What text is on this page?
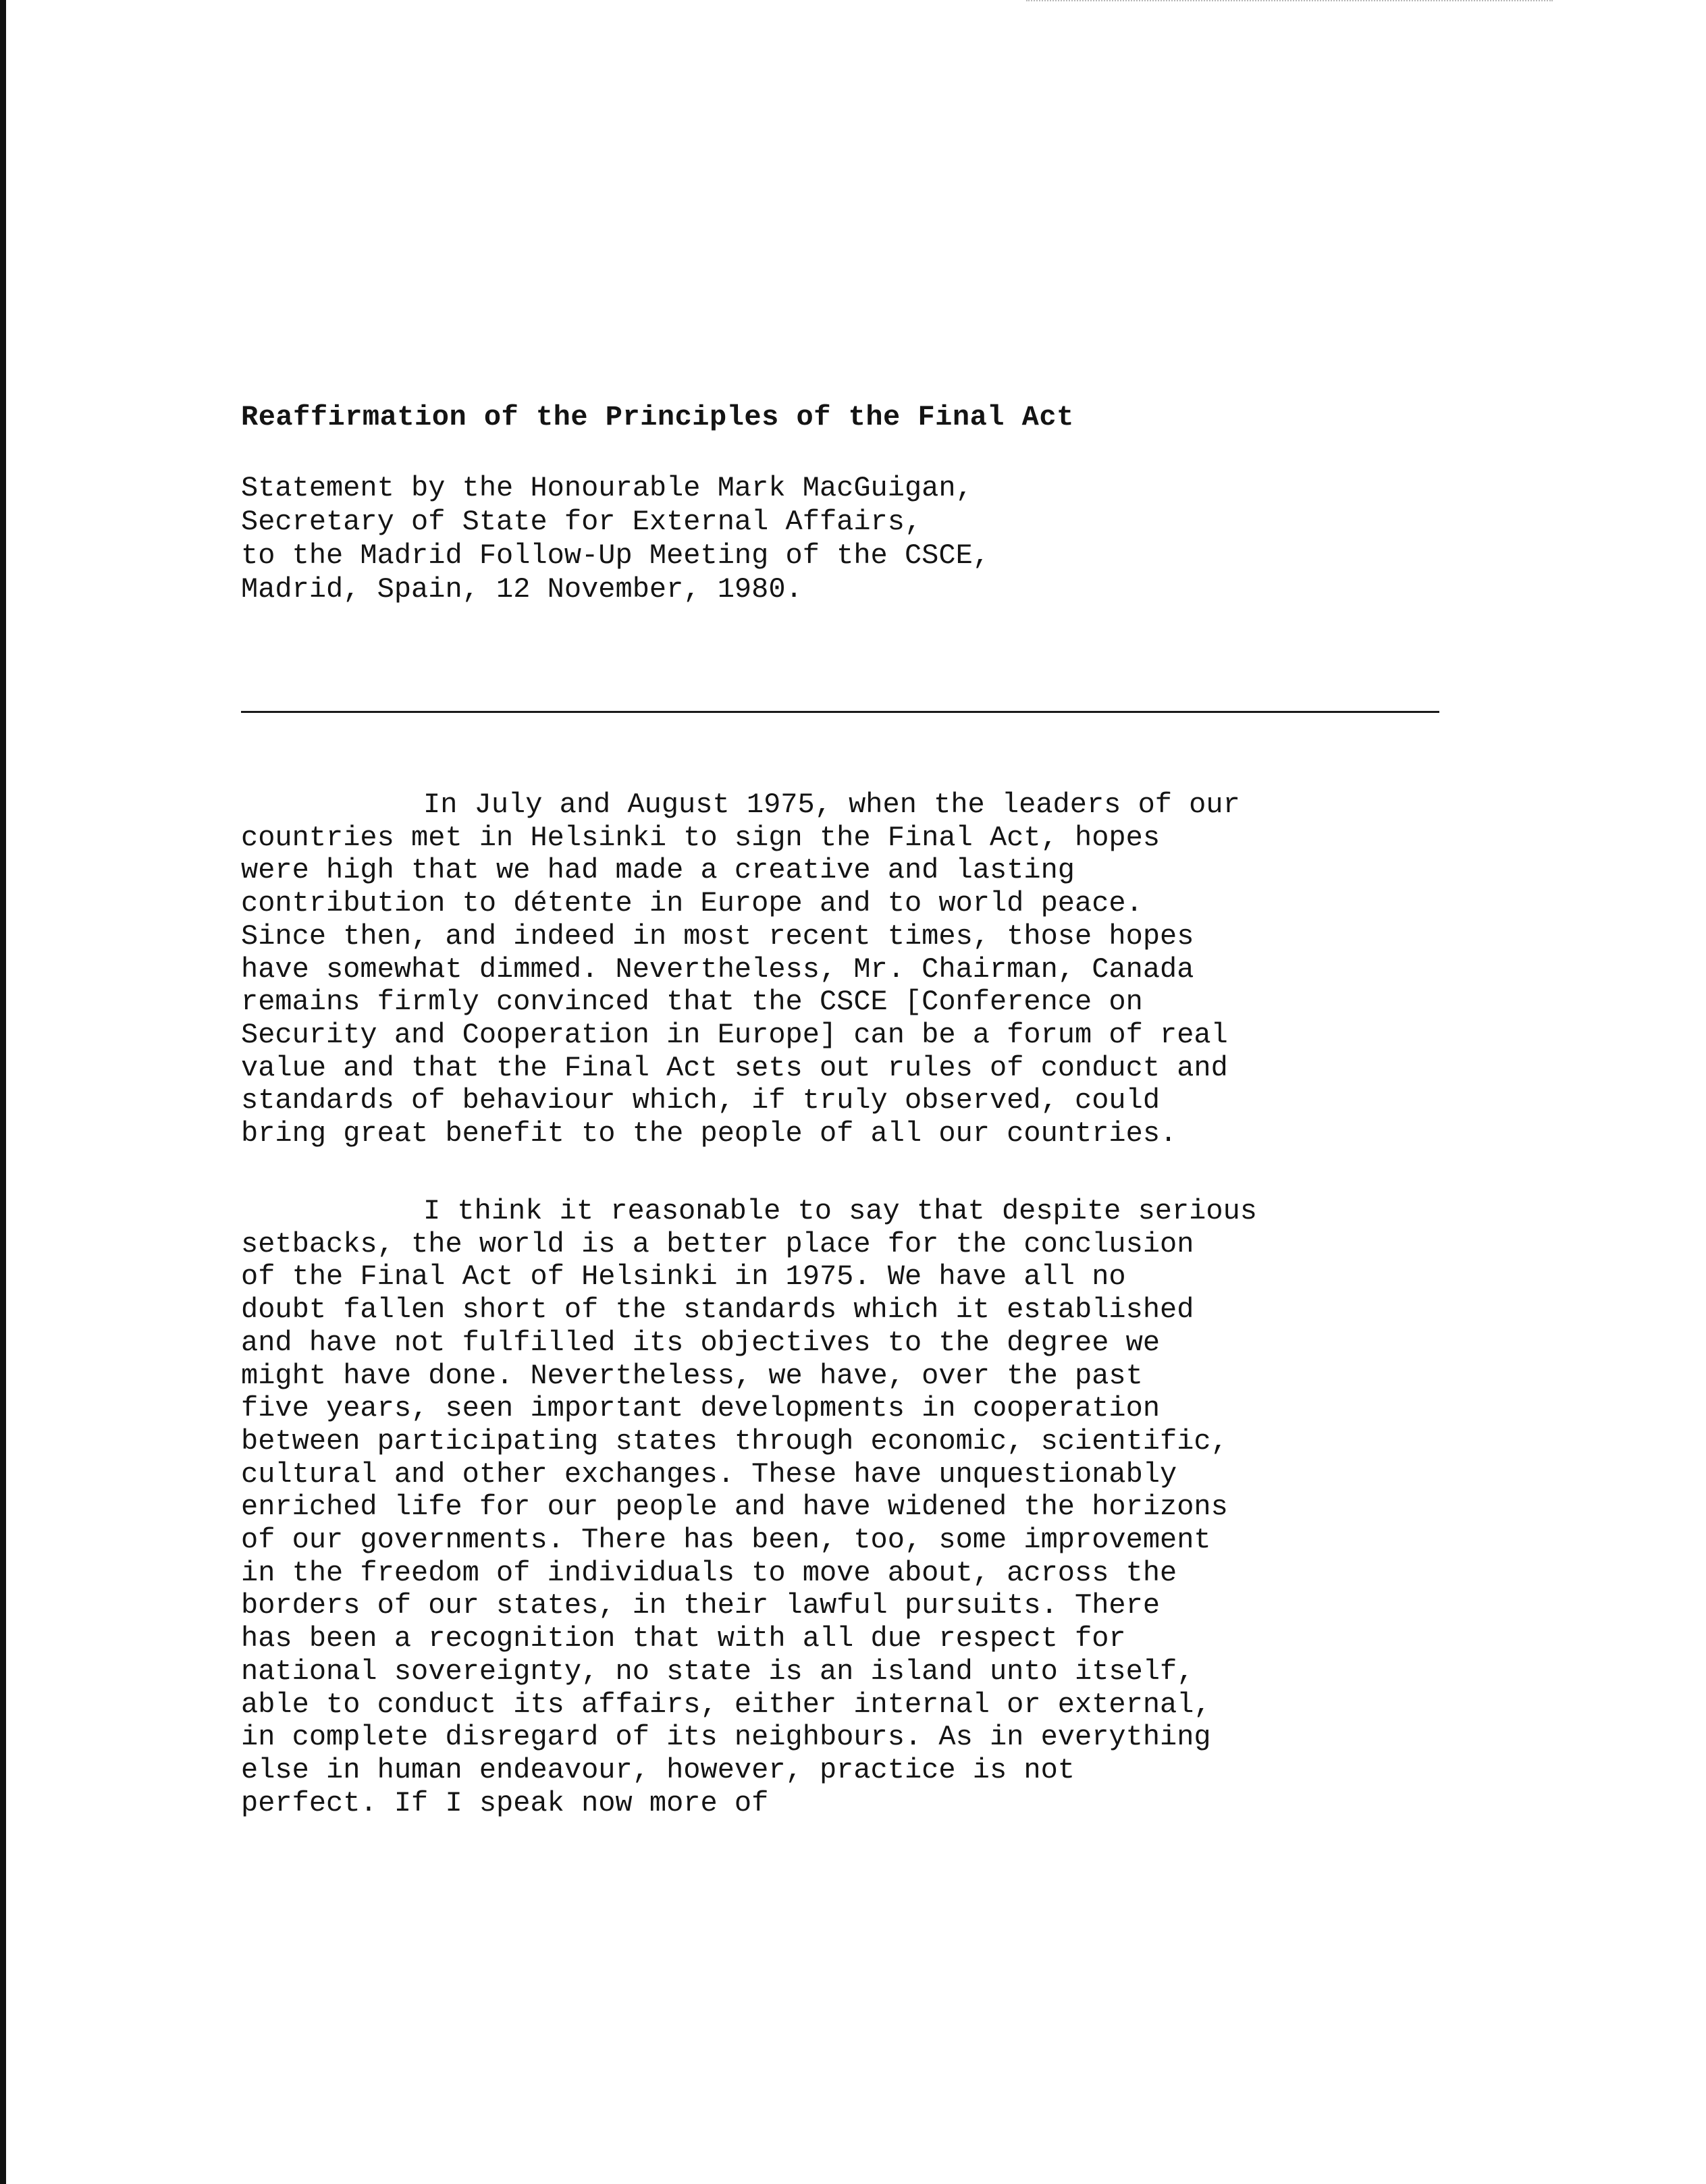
Reaffirmation of the Principles of the Final Act
Statement by the Honourable Mark MacGuigan,
Secretary of State for External Affairs,
to the Madrid Follow-Up Meeting of the CSCE,
Madrid, Spain, 12 November, 1980.
In July and August 1975, when the leaders of our
countries met in Helsinki to sign the Final Act, hopes
were high that we had made a creative and lasting
contribution to détente in Europe and to world peace.
Since then, and indeed in most recent times, those hopes
have somewhat dimmed. Nevertheless, Mr. Chairman, Canada
remains firmly convinced that the CSCE [Conference on
Security and Cooperation in Europe] can be a forum of real
value and that the Final Act sets out rules of conduct and
standards of behaviour which, if truly observed, could
bring great benefit to the people of all our countries.
I think it reasonable to say that despite serious
setbacks, the world is a better place for the conclusion
of the Final Act of Helsinki in 1975. We have all no
doubt fallen short of the standards which it established
and have not fulfilled its objectives to the degree we
might have done. Nevertheless, we have, over the past
five years, seen important developments in cooperation
between participating states through economic, scientific,
cultural and other exchanges. These have unquestionably
enriched life for our people and have widened the horizons
of our governments. There has been, too, some improvement
in the freedom of individuals to move about, across the
borders of our states, in their lawful pursuits. There
has been a recognition that with all due respect for
national sovereignty, no state is an island unto itself,
able to conduct its affairs, either internal or external,
in complete disregard of its neighbours. As in everything
else in human endeavour, however, practice is not
perfect. If I speak now more of
